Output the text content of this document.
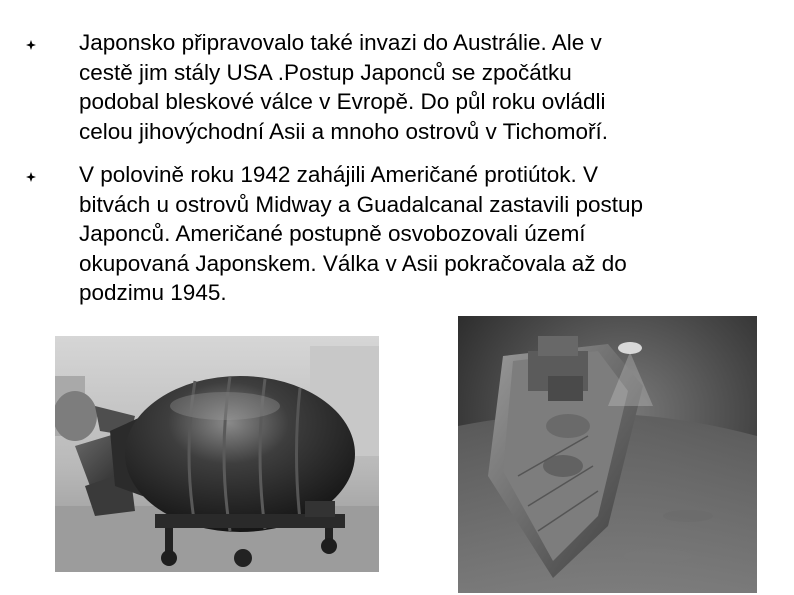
Japonsko připravovalo také invazi do Austrálie. Ale v
cestě jim stály USA .Postup Japonců se zpočátku
podobal bleskové válce v Evropě. Do půl roku ovládli
celou jihovýchodní Asii a mnoho ostrovů v Tichomoří.
V polovině roku 1942 zahájili Američané protiútok. V
bitvách u ostrovů Midway a Guadalcanal zastavili postup
Japonců. Američané postupně osvobozovali území
okupovaná Japonskem. Válka v Asii pokračovala až do
podzimu 1945.
